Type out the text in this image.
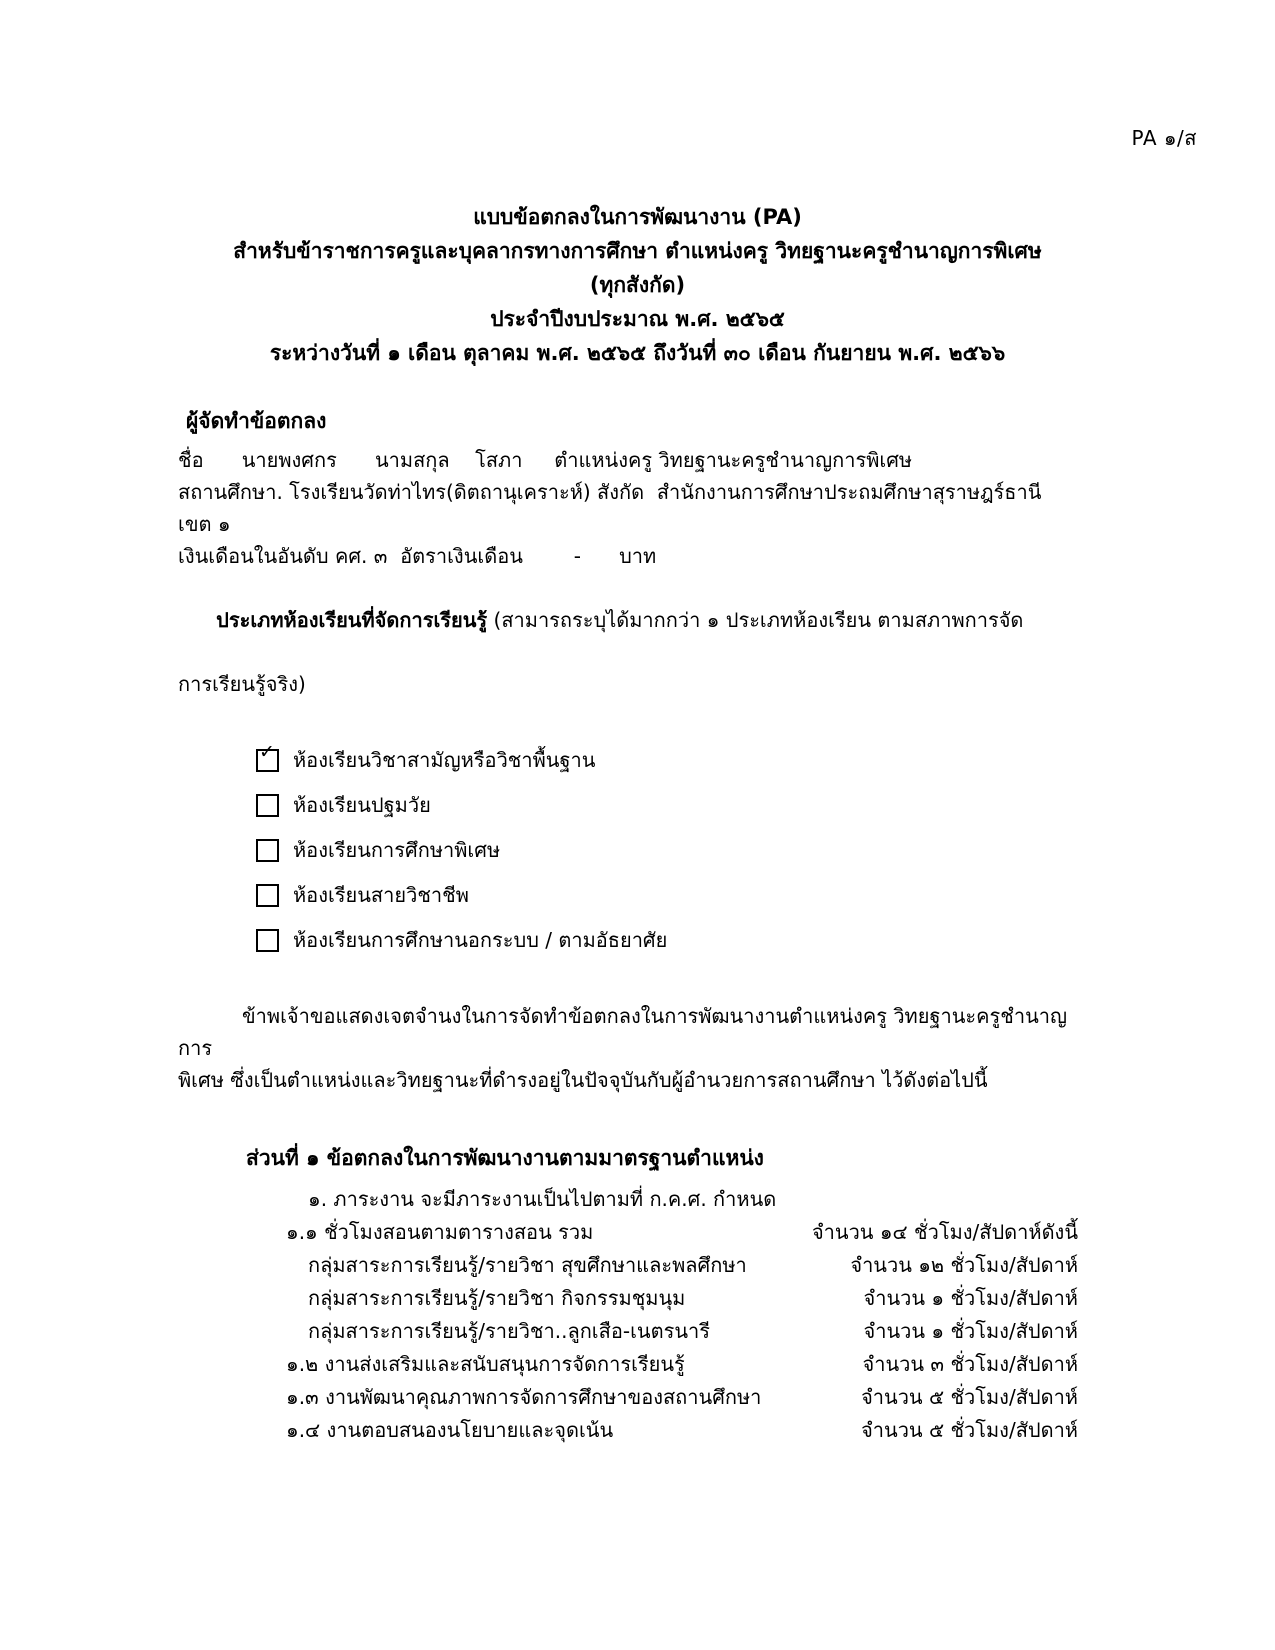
PA ๑/ส
แบบข้อตกลงในการพัฒนางาน (PA)
สำหรับข้าราชการครูและบุคลากรทางการศึกษา ตำแหน่งครู วิทยฐานะครูชำนาญการพิเศษ
(ทุกสังกัด)
ประจำปีงบประมาณ พ.ศ. ๒๕๖๕
ระหว่างวันที่ ๑ เดือน ตุลาคม พ.ศ. ๒๕๖๕ ถึงวันที่ ๓๐ เดือน กันยายน พ.ศ. ๒๕๖๖
ผู้จัดทำข้อตกลง
ชื่อ      นายพงศกร      นามสกุล    โสภา     ตำแหน่งครู วิทยฐานะครูชำนาญการพิเศษ
สถานศึกษา. โรงเรียนวัดท่าไทร(ดิตถานุเคราะห์) สังกัด  สำนักงานการศึกษาประถมศึกษาสุราษฎร์ธานี เขต ๑
เงินเดือนในอันดับ คศ. ๓  อัตราเงินเดือน        -      บาท

ประเภทห้องเรียนที่จัดการเรียนรู้ (สามารถระบุได้มากกว่า ๑ ประเภทห้องเรียน ตามสภาพการจัด

การเรียนรู้จริง)
✓
ห้องเรียนวิชาสามัญหรือวิชาพื้นฐาน
ห้องเรียนปฐมวัย
ห้องเรียนการศึกษาพิเศษ
ห้องเรียนสายวิชาชีพ
ห้องเรียนการศึกษานอกระบบ / ตามอัธยาศัย
ข้าพเจ้าขอแสดงเจตจำนงในการจัดทำข้อตกลงในการพัฒนางานตำแหน่งครู วิทยฐานะครูชำนาญการ
พิเศษ ซึ่งเป็นตำแหน่งและวิทยฐานะที่ดำรงอยู่ในปัจจุบันกับผู้อำนวยการสถานศึกษา ไว้ดังต่อไปนี้
ส่วนที่ ๑ ข้อตกลงในการพัฒนางานตามมาตรฐานตำแหน่ง
๑. ภาระงาน จะมีภาระงานเป็นไปตามที่ ก.ค.ศ. กำหนด
๑.๑ ชั่วโมงสอนตามตารางสอน รวม	จำนวน ๑๔ ชั่วโมง/สัปดาห์ดังนี้
กลุ่มสาระการเรียนรู้/รายวิชา สุขศึกษาและพลศึกษา	จำนวน ๑๒ ชั่วโมง/สัปดาห์
กลุ่มสาระการเรียนรู้/รายวิชา กิจกรรมชุมนุม	จำนวน ๑ ชั่วโมง/สัปดาห์
กลุ่มสาระการเรียนรู้/รายวิชา..ลูกเสือ-เนตรนารี	จำนวน ๑ ชั่วโมง/สัปดาห์
๑.๒ งานส่งเสริมและสนับสนุนการจัดการเรียนรู้	จำนวน ๓ ชั่วโมง/สัปดาห์
๑.๓ งานพัฒนาคุณภาพการจัดการศึกษาของสถานศึกษา	จำนวน ๕ ชั่วโมง/สัปดาห์
๑.๔ งานตอบสนองนโยบายและจุดเน้น	จำนวน ๕ ชั่วโมง/สัปดาห์
